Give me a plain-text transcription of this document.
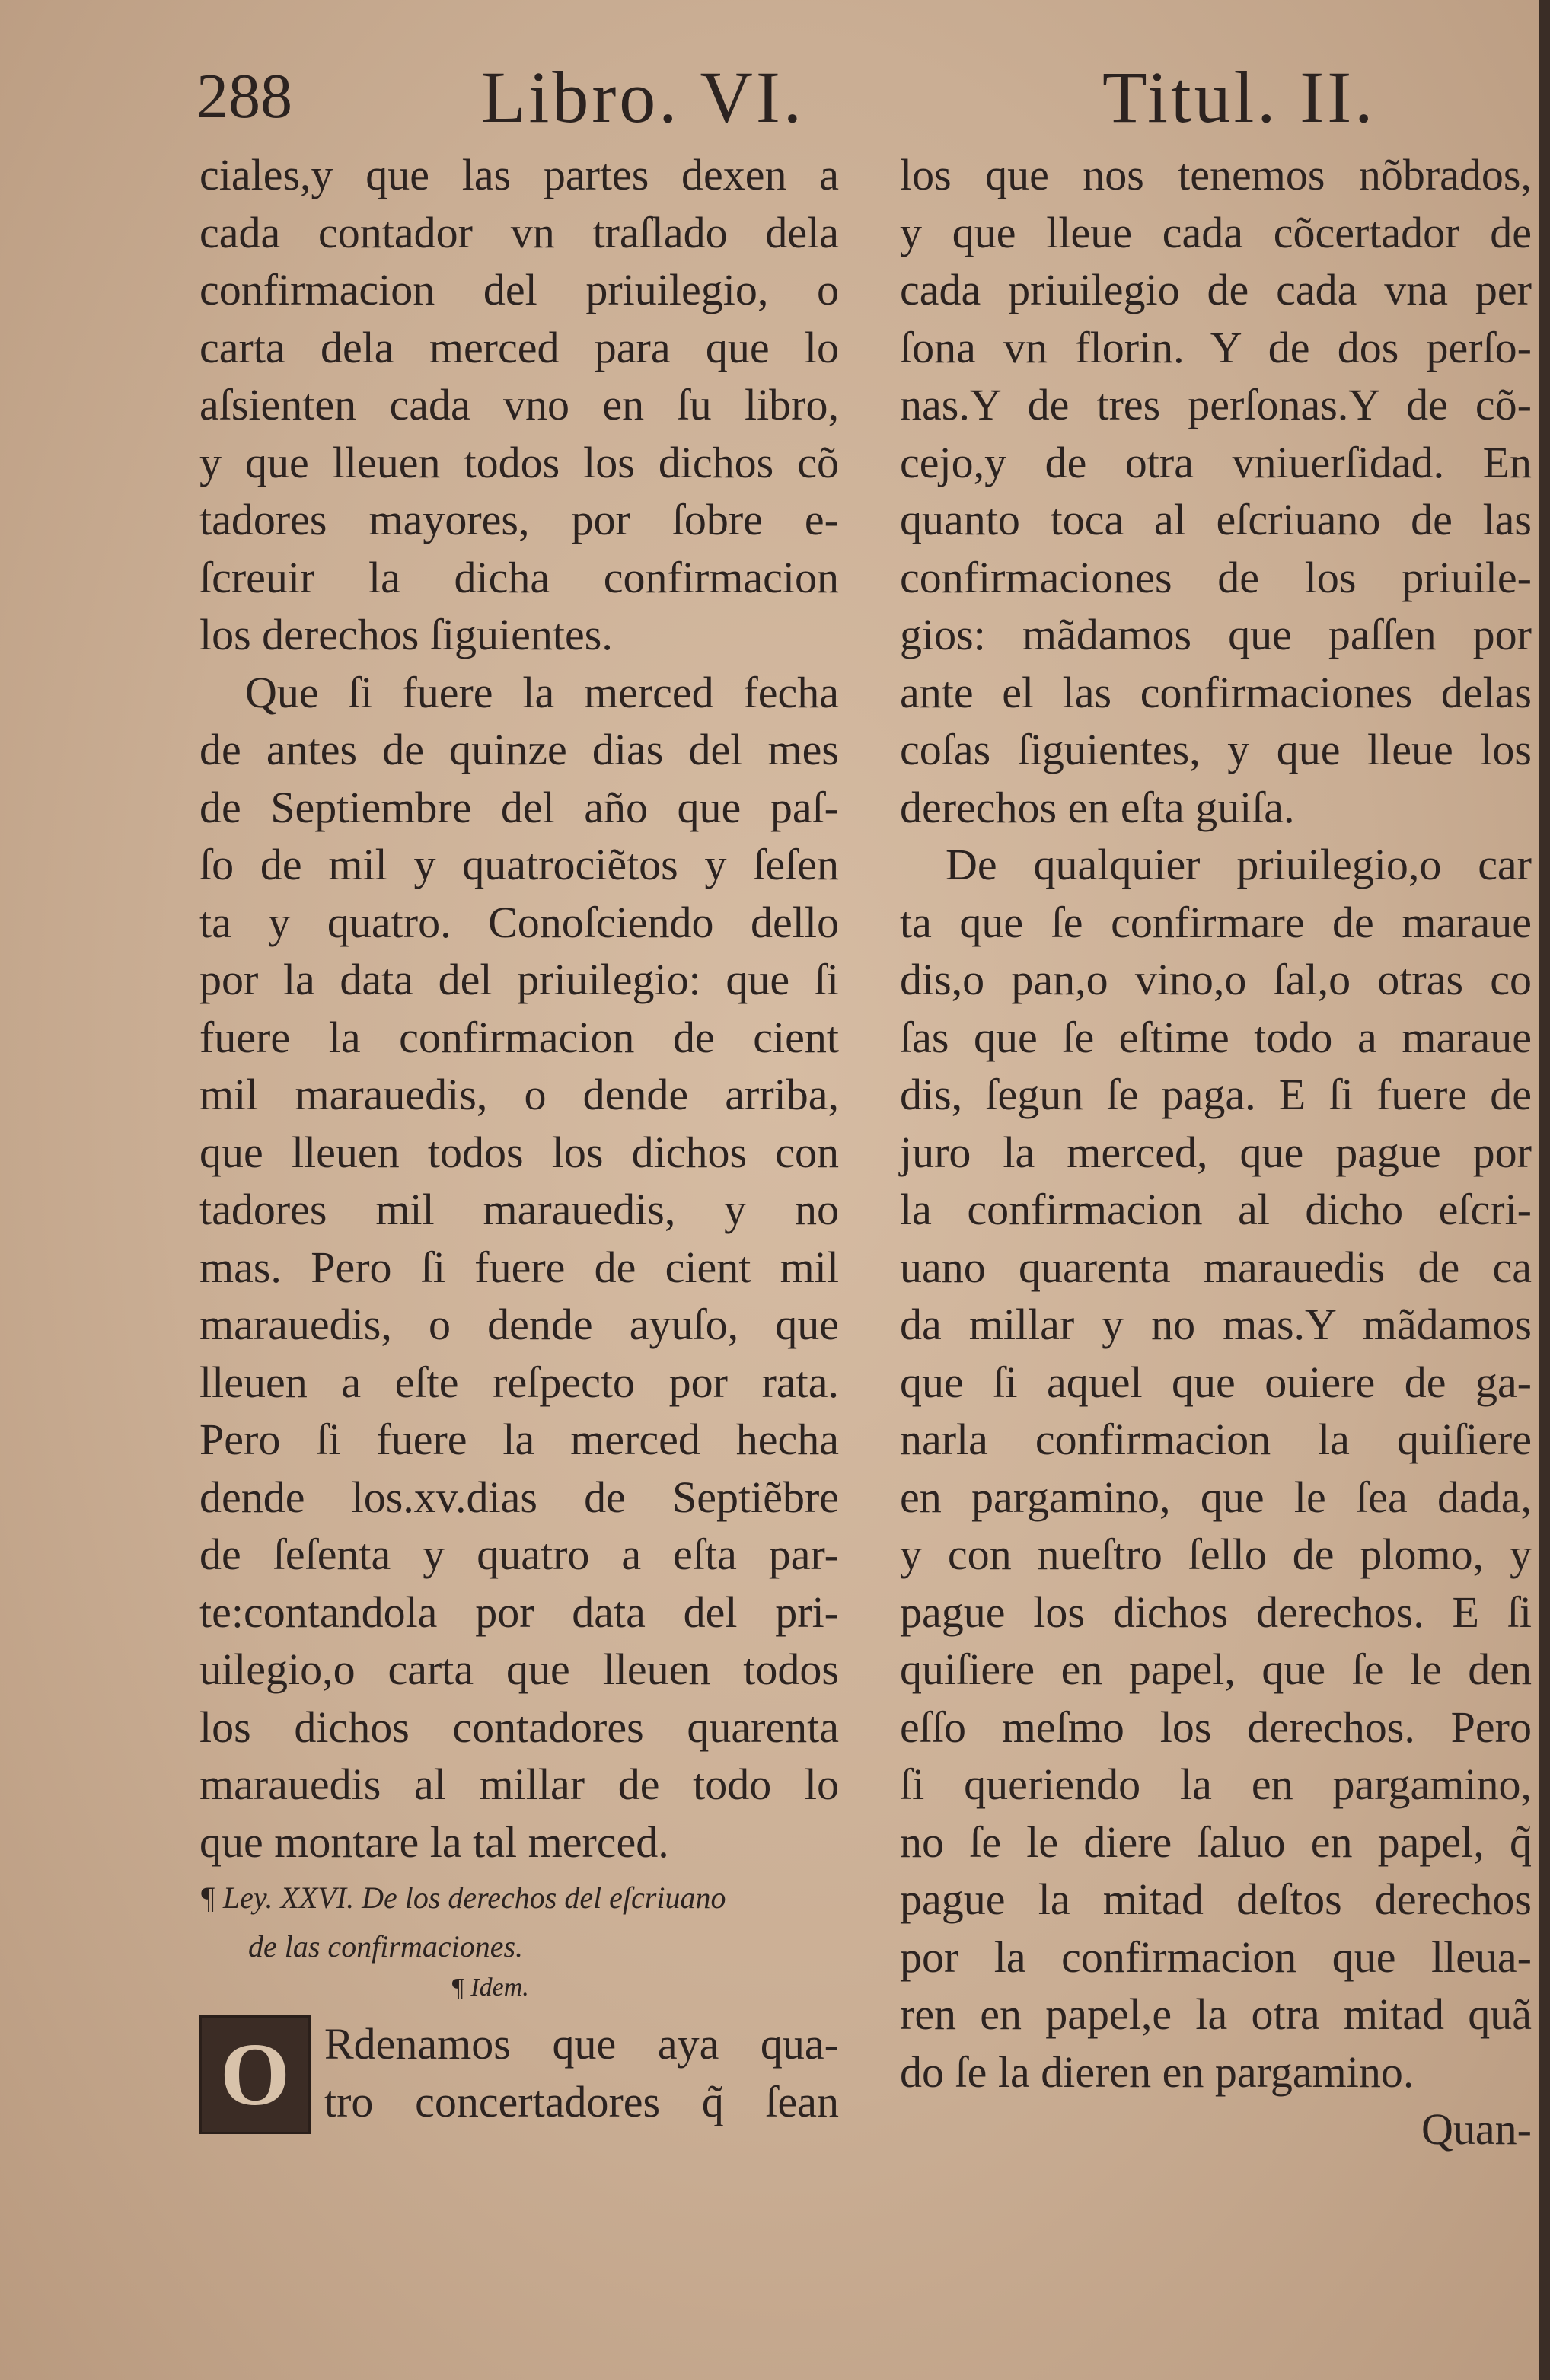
288	Libro. VI.	Titul. II.
ciales,y que las partes dexen a
cada contador vn traſlado dela
confirmacion del priuilegio, o
carta dela merced para que lo
aſsienten cada vno en ſu libro,
y que lleuen todos los dichos cõ
tadores mayores, por ſobre e-
ſcreuir la dicha confirmacion
los derechos ſiguientes.
Que ſi fuere la merced fecha
de antes de quinze dias del mes
de Septiembre del año que paſ-
ſo de mil y quatrociẽtos y ſeſen
ta y quatro. Conoſciendo dello
por la data del priuilegio: que ſi
fuere la confirmacion de cient
mil marauedis, o dende arriba,
que lleuen todos los dichos con
tadores mil marauedis, y no
mas. Pero ſi fuere de cient mil
marauedis, o dende ayuſo, que
lleuen a eſte reſpecto por rata.
Pero ſi fuere la merced hecha
dende los.xv.dias de Septiẽbre
de ſeſenta y quatro a eſta par-
te:contandola por data del pri-
uilegio,o carta que lleuen todos
los dichos contadores quarenta
marauedis al millar de todo lo
que montare la tal merced.
¶ Ley. XXVI. De los derechos del eſcriuano
de las confirmaciones.
¶ Idem.
O Rdenamos que aya qua-
tro concertadores q̃ ſean
los que nos tenemos nõbrados,
y que lleue cada cõcertador de
cada priuilegio de cada vna per
ſona vn florin. Y de dos perſo-
nas.Y de tres perſonas.Y de cõ-
cejo,y de otra vniuerſidad. En
quanto toca al eſcriuano de las
confirmaciones de los priuile-
gios: mãdamos que paſſen por
ante el las confirmaciones delas
coſas ſiguientes, y que lleue los
derechos en eſta guiſa.
De qualquier priuilegio,o car
ta que ſe confirmare de maraue
dis,o pan,o vino,o ſal,o otras co
ſas que ſe eſtime todo a maraue
dis, ſegun ſe paga. E ſi fuere de
juro la merced, que pague por
la confirmacion al dicho eſcri-
uano quarenta marauedis de ca
da millar y no mas.Y mãdamos
que ſi aquel que ouiere de ga-
narla confirmacion la quiſiere
en pargamino, que le ſea dada,
y con nueſtro ſello de plomo, y
pague los dichos derechos. E ſi
quiſiere en papel, que ſe le den
eſſo meſmo los derechos. Pero
ſi queriendo la en pargamino,
no ſe le diere ſaluo en papel, q̃
pague la mitad deſtos derechos
por la confirmacion que lleua-
ren en papel,e la otra mitad quã
do ſe la dieren en pargamino.
Quan-
